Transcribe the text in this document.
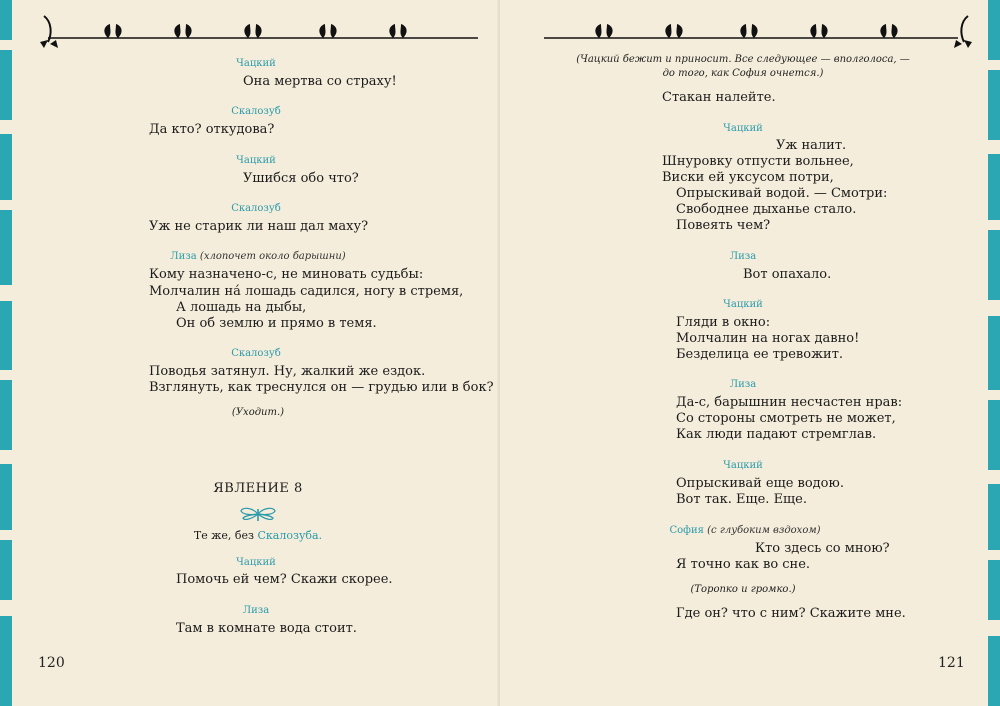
Чацкий
Она мертва со страху!
Скалозуб
Да кто? откудова?
Чацкий
Ушибся обо что?
Скалозуб
Уж не старик ли наш дал маху?
Лиза (хлопочет около барышни)
Кому назначено-с, не миновать судьбы:
Молчалин на́ лошадь садился, ногу в стремя,
А лошадь на дыбы,
Он об землю и прямо в темя.
Скалозуб
Поводья затянул. Ну, жалкий же ездок.
Взглянуть, как треснулся он — грудью или в бок?
(Уходит.)
ЯВЛЕНИЕ 8
Те же, без Скалозуба.
Чацкий
Помочь ей чем? Скажи скорее.
Лиза
Там в комнате вода стоит.
120
(Чацкий бежит и приносит. Все следующее — вполголоса, —
до того, как София очнется.)
Стакан налейте.
Чацкий
Уж налит.
Шнуровку отпусти вольнее,
Виски ей уксусом потри,
Опрыскивай водой. — Смотри:
Свободнее дыханье стало.
Повеять чем?
Лиза
Вот опахало.
Чацкий
Гляди в окно:
Молчалин на ногах давно!
Безделица ее тревожит.
Лиза
Да-с, барышнин несчастен нрав:
Со стороны смотреть не может,
Как люди падают стремглав.
Чацкий
Опрыскивай еще водою.
Вот так. Еще. Еще.
София (с глубоким вздохом)
Кто здесь со мною?
Я точно как во сне.
(Торопко и громко.)
Где он? что с ним? Скажите мне.
121
